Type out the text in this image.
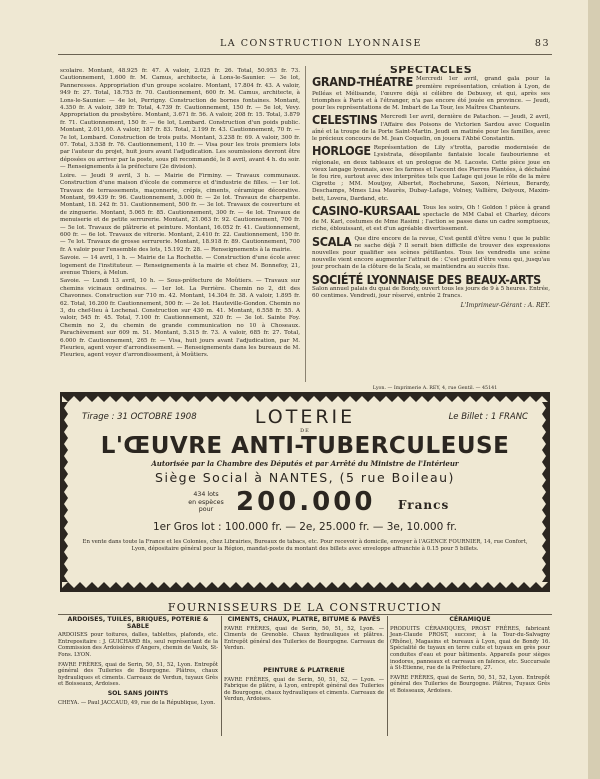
LA CONSTRUCTION LYONNAISE	83

scolaire. Montant, 48.925 fr. 47. A valoir, 2.025 fr. 26. Total, 50.953 fr. 73. Cautionnement, 1.600 fr. M. Camus, architecte, à Lons-le-Saunier. — 3e lot, Panneresses. Appropriation d'un groupe scolaire. Montant, 17.804 fr. 43. A valoir, 949 fr. 27. Total, 18.753 fr. 70. Cautionnement, 600 fr. M. Camus, architecte, à Lons-le-Saunier. — 4e lot, Perrigny. Construction de bornes fontaines. Montant, 4.350 fr. A valoir, 389 fr. Total, 4.739 fr. Cautionnement, 150 fr. — 5e lot, Vevy. Appropriation du presbytère. Montant, 3.671 fr. 56. A valoir, 208 fr. 15. Total, 3.879 fr. 71. Cautionnement, 150 fr. — 6e lot, Lombard. Construction d'un poids public. Montant, 2.011,60. A valoir, 187 fr. 83. Total, 2.199 fr. 43. Cautionnement, 70 fr. — 7e lot, Lombard. Construction de trois puits. Montant, 3.238 fr. 69. A valoir, 300 fr. 07. Total, 3.538 fr. 76. Cautionnement, 110 fr. — Visa pour les trois premiers lots par l'auteur du projet, huit jours avant l'adjudication. Les soumissions devront être déposées ou arriver par la poste, sous pli recommandé, le 8 avril, avant 4 h. du soir. — Renseignements à la préfecture (2e division).

Loire. — Jeudi 9 avril, 3 h. — Mairie de Firminy. — Travaux communaux. Construction d'une maison d'école de commerce et d'industrie de filles. — 1er lot. Travaux de terrassements, maçonnerie, crépis, ciments, céramique décorative. Montant, 99.439 fr. 96. Cautionnement, 3.000 fr. — 2e lot. Travaux de charpente. Montant, 18. 242 fr. 51. Cautionnement, 500 fr. — 3e lot. Travaux de couverture et de zinguerie. Montant, 5.065 fr. 85. Cautionnement, 300 fr. — 4e lot. Travaux de menuiserie et de petite serrurerie. Montant, 21.063 fr. 92. Cautionnement, 700 fr. — 5e lot. Travaux de plâtrerie et peinture. Montant, 16.052 fr. 41. Cautionnement, 600 fr. — 6e lot. Travaux de vitrerie. Montant, 2.410 fr. 22. Cautionnement, 150 fr. — 7e lot. Travaux de grosse serrurerie. Montant, 18.918 fr. 89. Cautionnement, 700 fr. A valoir pour l'ensemble des lots, 15.192 fr. 28. — Renseignements à la mairie.

Savoie. — 14 avril, 1 h. — Mairie de La Rochette. — Construction d'une école avec logement de l'instituteur. — Renseignements à la mairie et chez M. Bonnefoy, 21, avenue Thiers, à Melun.

Savoie. — Lundi 13 avril, 10 h. — Sous-préfecture de Moûtiers. — Travaux sur chemins vicinaux ordinaires. — 1er lot. La Perrière. Chemin no 2, dit des Chavonnes. Construction sur 710 m. 42. Montant, 14.304 fr. 38. A valoir, 1.895 fr. 62. Total, 16.200 fr. Cautionnement, 500 fr. — 2e lot. Hauteville-Gondon. Chemin no 3, du chef-lieu à Lochenal. Construction sur 430 m. 41. Montant, 6.558 fr. 55. A valoir, 545 fr. 45. Total, 7.100 fr. Cautionnement, 320 fr. — 3e lot. Sainte Foy. Chemin no 2, du chemin de grande communication no 10 à Choseaux. Parachèvement sur 609 m. 51. Montant, 5.315 fr. 73. A valoir, 685 fr. 27. Total, 6.000 fr. Cautionnement, 265 fr. — Visa, huit jours avant l'adjudication, par M. Fleurieu, agent voyer d'arrondissement. — Renseignements dans les bureaux de M. Fleurieu, agent voyer d'arrondissement, à Moûtiers.

SPECTACLES
GRAND-THÉATRE Mercredi 1er avril, grand gala pour la première représentation, création à Lyon, de Pelléas et Mélisande, l'œuvre déjà si célèbre de Debussy, et qui, après ses triomphes à Paris et à l'étranger, n'a pas encore été jouée en province. — Jeudi, pour les représentations de M. Imbart de La Tour, les Maîtres Chanteurs.
CELESTINS Mercredi 1er avril, dernière de Patachon. — Jeudi, 2 avril, l'Affaire des Poisons de Victorien Sardou avec Coquelin aîné et la troupe de la Porte Saint-Martin. Jeudi en matinée pour les familles, avec le précieux concours de M. Jean Coquelin, on jouera l'Abbé Constantin.
HORLOGE Représentation de Lily s'trotta, parodie modernisée de Lysistrata, désopilante fantaisie locale faubourienne et régionale, en deux tableaux et un prologue de M. Lacoste. Cette pièce joue en vieux langage lyonnais, avec les farmes et l'accent des Pierres Plantées, à déchaîné le fou rire, surtout avec des interprètes tels que Lafage qui joue le rôle de la mère Cigrette ; MM. Moutjoy, Albertet, Rochebrune, Saxon, Nérieux, Berardy, Deschamps, Mmes Lisa Maurès, Dubay-Lafage, Volney, Vallière, Delyoux, Maxim-bett, Lovera, Dardand, etc.
CASINO-KURSAAL Tous les soirs, Oh ! Goldon ! pièce à grand spectacle de MM Cabal et Charley, décors de M. Karl, costumes de Mme Rasimi ; l'action se passe dans un cadre somptueux, riche, éblouissant, et est d'un agréable divertissement.
SCALA Que dire encore de la revue, C'est gentil d'être venu ! que le public ne sache déjà ? Il serait bien difficile de trouver des expressions nouvelles pour qualifier ses scènes pétillantes. Tous les vendredis une scène nouvelle vient encore augmenter l'attrait de : C'est gentil d'être venu qui, jusqu'au jour prochain de la clôture de la Scala, se maintiendra au succès fixe.
SOCIÉTÉ LYONNAISE DES BEAUX-ARTS
Salon annuel palais du quai de Bondy, ouvert tous les jours de 9 à 5 heures. Entrée, 60 centimes. Vendredi, jour réservé, entrée 2 francs.
L'Imprimeur-Gérant : A. REY.
Lyon. — Imprimerie A. REY, 4, rue Gentil. — 45141
Tirage : 31 OCTOBRE 1908	LOTERIE	Le Billet : 1 FRANC
DE
L'ŒUVRE ANTI-TUBERCULEUSE
Autorisée par la Chambre des Députés et par Arrêté du Ministre de l'Intérieur
Siège Social à NANTES, (5 rue Boileau)
434 lots
en espèces
pour 200.000 Francs
1er Gros lot : 100.000 fr. — 2e, 25.000 fr. — 3e, 10.000 fr.
En vente dans toute la France et les Colonies, chez Librairies, Bureaux de tabacs, etc. Pour recevoir à domicile, envoyer à l'AGENCE FOURNIER, 14, rue Confort, Lyon, dépositaire général pour la Région, mandat-poste du montant des billets avec enveloppe affranchie à 0.15 pour 5 billets.
FOURNISSEURS DE LA CONSTRUCTION
ARDOISES, TUILES, BRIQUES, POTERIE & SABLE

ARDOISES pour toitures, dalles, tablettes, plafonds, etc. Entrepositaire : J. GUICHARD fils, seul représentant de la Commission des Ardoisières d'Angers, chemin de Vaulx, St-Fons. LYON.

FAVRE FRÈRES, quai de Serin, 50, 51, 52, Lyon. Entrepôt général des Tuileries de Bourgogne. Plâtres, chaux hydrauliques et ciments. Carreaux de Verdun, tuyaux Grès et Boisseaux, Ardoises.

SOL SANS JOINTS

CHEYA. — Paul JACCAUD, 49, rue de la République, Lyon.

CIMENTS, CHAUX, PLATRE, BITUME & PAVÉS

FAVRE FRÈRES, quai de Serin, 50, 51, 52, Lyon. — Ciments de Grenoble. Chaux hydrauliques et plâtres. Entrepôt général des Tuileries de Bourgogne. Carreaux de Verdun.

PEINTURE & PLATRERIE

FAVRE FRÈRES, quai de Serin, 50, 51, 52, — Lyon. — Fabrique de plâtre, à Lyon, entrepôt général des Tuileries de Bourgogne, chaux hydrauliques et ciments. Carreaux de Verdun, Ardoises.

CÉRAMIQUE

PRODUITS CÉRAMIQUES, PROST FRÈRES, fabricant Jean-Claude PROST, succesr, à la Tour-du-Salvagny (Rhône), Magasins et bureaux à Lyon, quai de Bondy 16. Spécialité de tuyaux en terre cuite et tuyaux en grès pour conduites d'eau et pour bâtiments. Appareils pour sièges inodores, panneaux et carreaux en faïence, etc. Succursale à St-Etienne, rue de la Préfecture, 27.

FAVRE FRÈRES, quai de Serin, 50, 51, 52, Lyon. Entrepôt général des Tuileries de Bourgogne. Plâtres, Tuyaux Grès et Boisseaux, Ardoises.
